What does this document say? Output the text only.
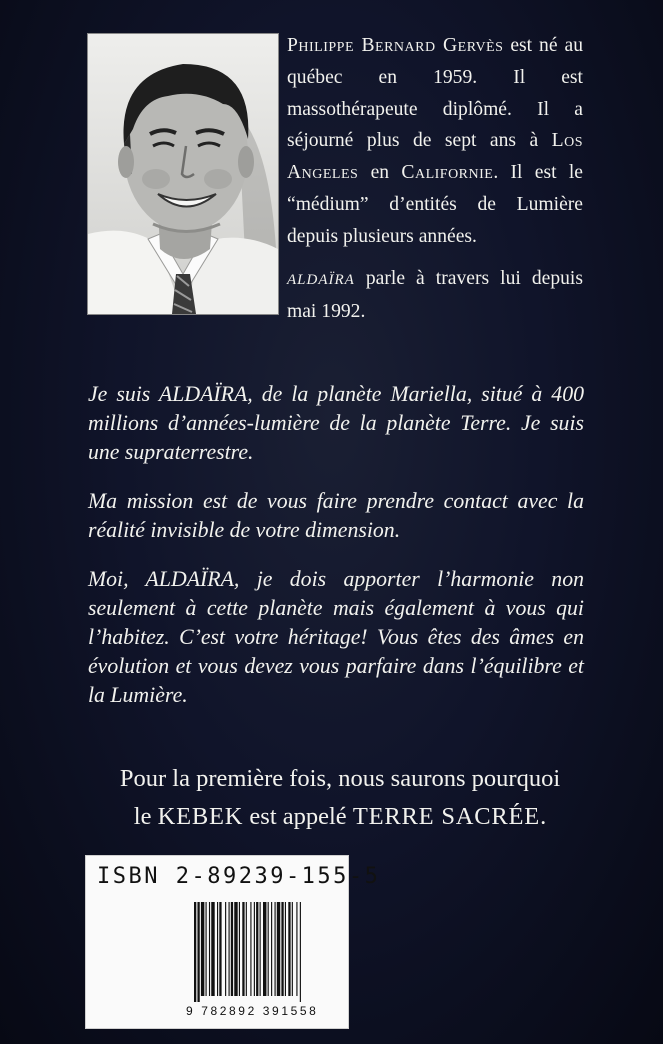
Philippe Bernard Gervès est né au québec en 1959. Il est massothérapeute diplômé. Il a séjourné plus de sept ans à Los Angeles en Californie. Il est le “médium” d’entités de Lumière depuis plusieurs années.

ALDAÏRA parle à travers lui depuis mai 1992.

Je suis ALDAÏRA, de la planète Mariella, situé à 400 millions d’années-lumière de la planète Terre. Je suis une supraterrestre.

Ma mission est de vous faire prendre contact avec la réalité invisible de votre dimension.

Moi, ALDAÏRA, je dois apporter l’harmonie non seulement à cette planète mais également à vous qui l’habitez. C’est votre héritage! Vous êtes des âmes en évolution et vous devez vous parfaire dans l’équilibre et la Lumière.

Pour la première fois, nous saurons pourquoi

le KEBEK est appelé TERRE SACRÉE.

ISBN 2-89239-155-5
9 782892 391558
